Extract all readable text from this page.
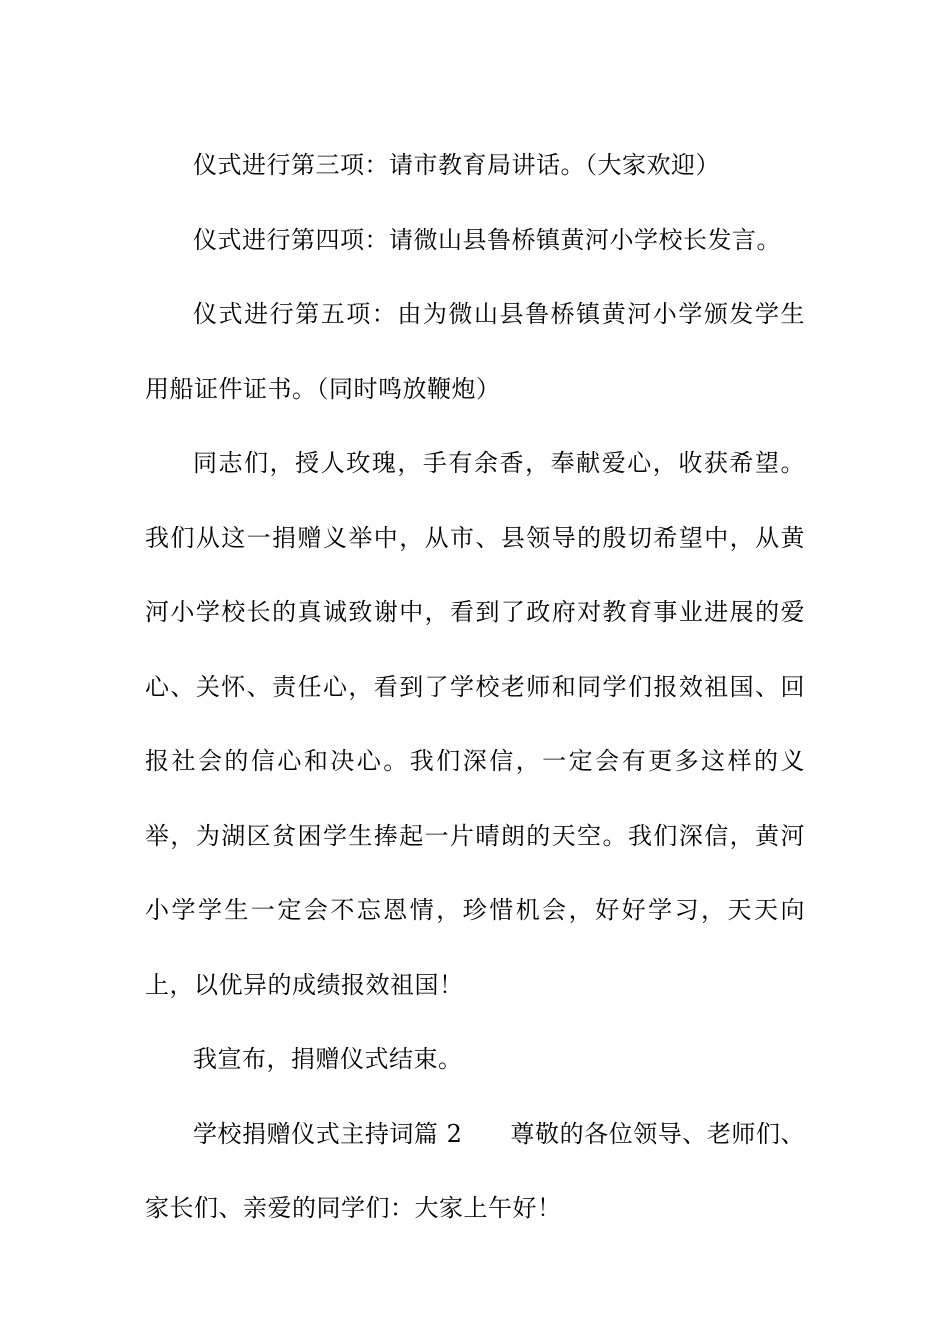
仪式进行第三项：请市教育局讲话。（大家欢迎）

仪式进行第四项：请微山县鲁桥镇黄河小学校长发言。

仪式进行第五项：由为微山县鲁桥镇黄河小学颁发学生用船证件证书。（同时鸣放鞭炮）

同志们，授人玫瑰，手有余香，奉献爱心，收获希望。我们从这一捐赠义举中，从市、县领导的殷切希望中，从黄河小学校长的真诚致谢中，看到了政府对教育事业进展的爱心、关怀、责任心，看到了学校老师和同学们报效祖国、回报社会的信心和决心。我们深信，一定会有更多这样的义举，为湖区贫困学生捧起一片晴朗的天空。我们深信，黄河小学学生一定会不忘恩情，珍惜机会，好好学习，天天向上，以优异的成绩报效祖国！

我宣布，捐赠仪式结束。

学校捐赠仪式主持词篇 2 尊敬的各位领导、老师们、家长们、亲爱的同学们：大家上午好！
